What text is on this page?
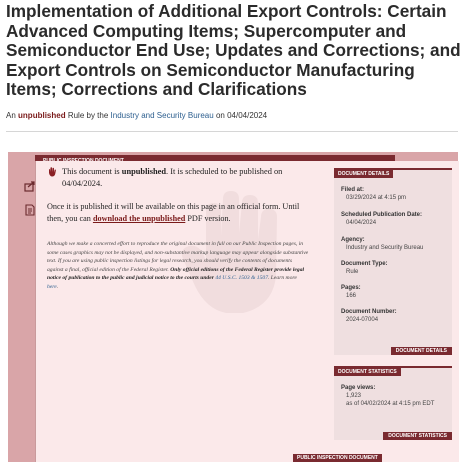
Implementation of Additional Export Controls: Certain Advanced Computing Items; Supercomputer and Semiconductor End Use; Updates and Corrections; and Export Controls on Semiconductor Manufacturing Items; Corrections and Clarifications
An unpublished Rule by the Industry and Security Bureau on 04/04/2024
This document is unpublished. It is scheduled to be published on 04/04/2024.
Once it is published it will be available on this page in an official form. Until then, you can download the unpublished PDF version.
Although we make a concerted effort to reproduce the original document in full on our Public Inspection pages, in some cases graphics may not be displayed, and non-substantive markup language may appear alongside substantive text. If you are using public inspection listings for legal research, you should verify the contents of documents against a final, official edition of the Federal Register. Only official editions of the Federal Register provide legal notice of publication to the public and judicial notice to the courts under 44 U.S.C. 1503 & 1507. Learn more here.
PUBLIC INSPECTION DOCUMENT
DOCUMENT DETAILS
Filed at:
03/29/2024 at 4:15 pm
Scheduled Publication Date:
04/04/2024
Agency:
Industry and Security Bureau
Document Type:
Rule
Pages:
166
Document Number:
2024-07004
DOCUMENT DETAILS
DOCUMENT STATISTICS
Page views:
1,923
as of 04/02/2024 at 4:15 pm EDT
DOCUMENT STATISTICS
